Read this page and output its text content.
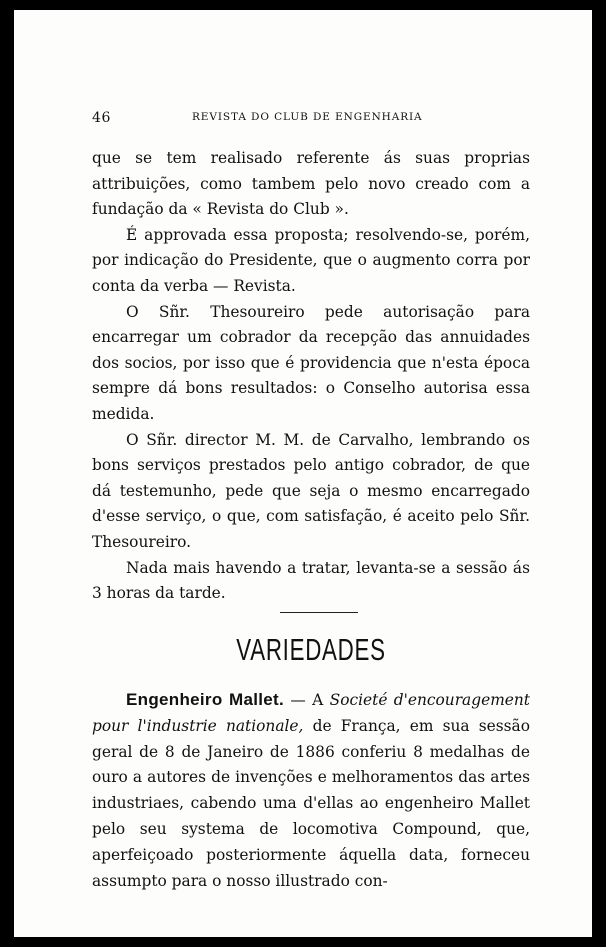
46	REVISTA DO CLUB DE ENGENHARIA

que se tem realisado referente ás suas proprias attribuições, como tambem pelo novo creado com a fundação da « Revista do Club ».

É approvada essa proposta; resolvendo-se, porém, por indicação do Presidente, que o augmento corra por conta da verba — Revista.

O Sñr. Thesoureiro pede autorisação para encarregar um cobrador da recepção das annuidades dos socios, por isso que é providencia que n'esta época sempre dá bons resultados: o Conselho autorisa essa medida.

O Sñr. director M. M. de Carvalho, lembrando os bons serviços prestados pelo antigo cobrador, de que dá testemunho, pede que seja o mesmo encarregado d'esse serviço, o que, com satisfação, é aceito pelo Sñr. Thesoureiro.

Nada mais havendo a tratar, levanta-se a sessão ás 3 horas da tarde.

VARIEDADES

Engenheiro Mallet. — A Societé d'encouragement pour l'industrie nationale, de França, em sua sessão geral de 8 de Janeiro de 1886 conferiu 8 medalhas de ouro a autores de invenções e melhoramentos das artes industriaes, cabendo uma d'ellas ao engenheiro Mallet pelo seu systema de locomotiva Compound, que, aperfeiçoado posteriormente áquella data, forneceu assumpto para o nosso illustrado con-
